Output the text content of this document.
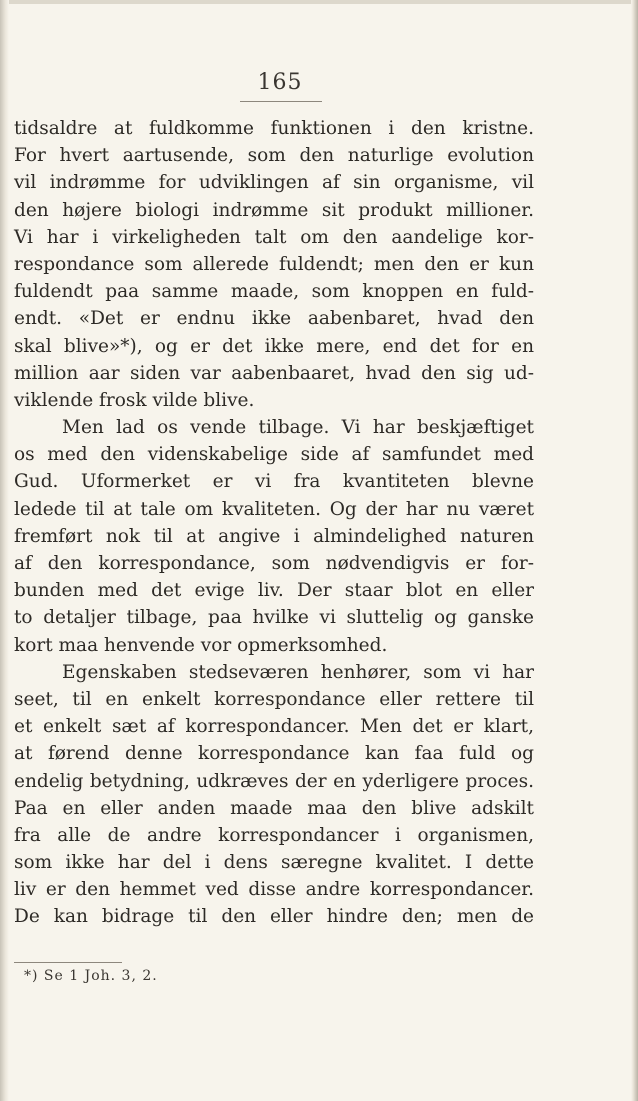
165
tidsaldre at fuldkomme funktionen i den kristne.
For hvert aartusende, som den naturlige evolution
vil indrømme for udviklingen af sin organisme, vil
den højere biologi indrømme sit produkt millioner.
Vi har i virkeligheden talt om den aandelige kor-
respondance som allerede fuldendt; men den er kun
fuldendt paa samme maade, som knoppen en fuld-
endt. «Det er endnu ikke aabenbaret, hvad den
skal blive»*), og er det ikke mere, end det for en
million aar siden var aabenbaaret, hvad den sig ud-
viklende frosk vilde blive.
Men lad os vende tilbage. Vi har beskjæftiget
os med den videnskabelige side af samfundet med
Gud. Uformerket er vi fra kvantiteten blevne
ledede til at tale om kvaliteten. Og der har nu været
fremført nok til at angive i almindelighed naturen
af den korrespondance, som nødvendigvis er for-
bunden med det evige liv. Der staar blot en eller
to detaljer tilbage, paa hvilke vi sluttelig og ganske
kort maa henvende vor opmerksomhed.
Egenskaben stedseværen henhører, som vi har
seet, til en enkelt korrespondance eller rettere til
et enkelt sæt af korrespondancer. Men det er klart,
at førend denne korrespondance kan faa fuld og
endelig betydning, udkræves der en yderligere proces.
Paa en eller anden maade maa den blive adskilt
fra alle de andre korrespondancer i organismen,
som ikke har del i dens særegne kvalitet. I dette
liv er den hemmet ved disse andre korrespondancer.
De kan bidrage til den eller hindre den; men de
*) Se 1 Joh. 3, 2.
